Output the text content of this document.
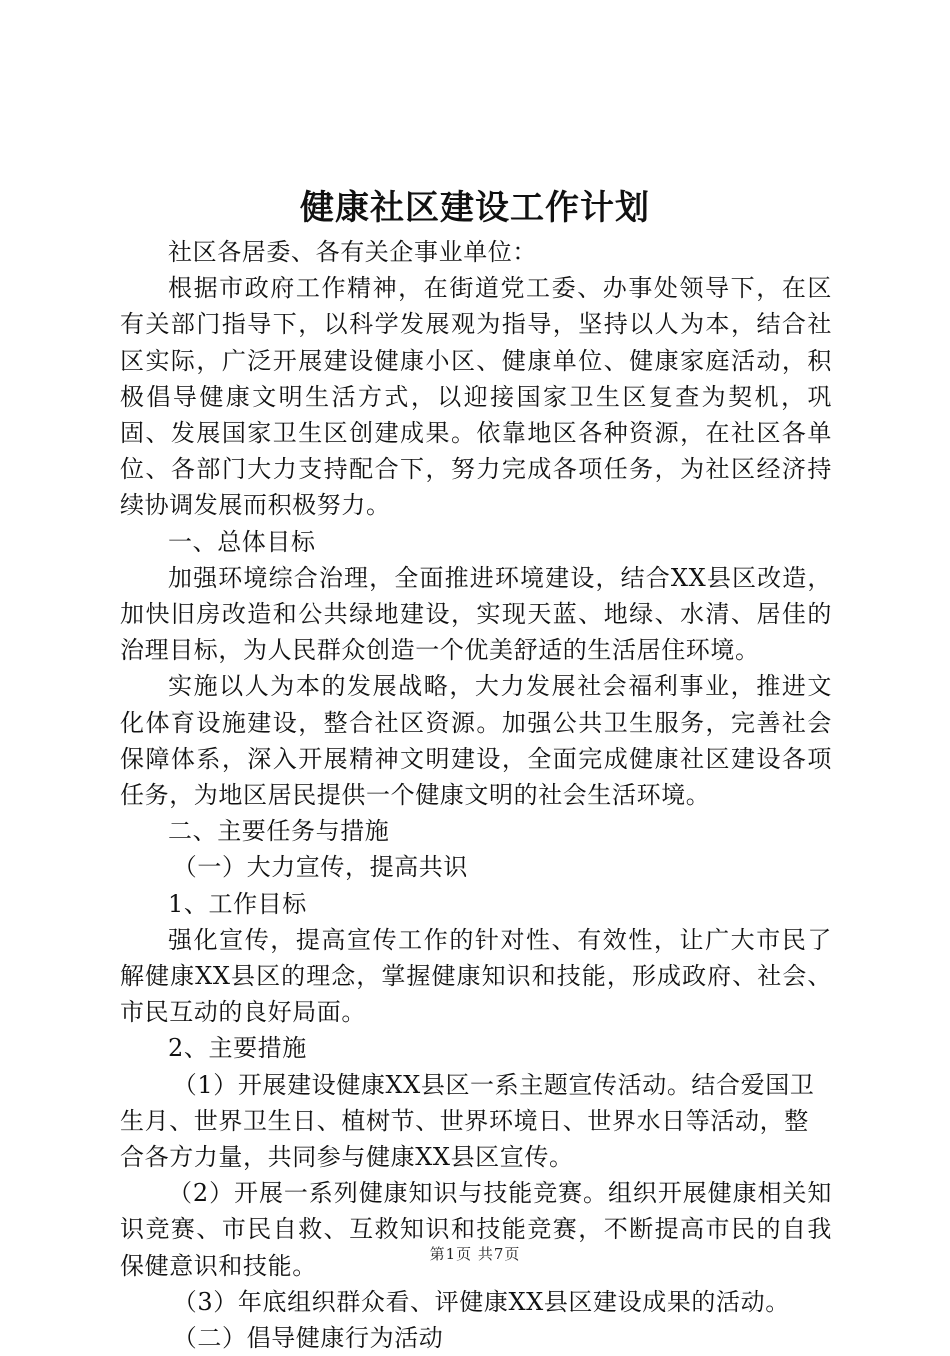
健康社区建设工作计划

社区各居委、各有关企事业单位：

根据市政府工作精神，在街道党工委、办事处领导下，在区有关部门指导下，以科学发展观为指导，坚持以人为本，结合社区实际，广泛开展建设健康小区、健康单位、健康家庭活动，积极倡导健康文明生活方式，以迎接国家卫生区复查为契机，巩固、发展国家卫生区创建成果。依靠地区各种资源，在社区各单位、各部门大力支持配合下，努力完成各项任务，为社区经济持续协调发展而积极努力。

一、总体目标

加强环境综合治理，全面推进环境建设，结合XX县区改造，加快旧房改造和公共绿地建设，实现天蓝、地绿、水清、居佳的治理目标，为人民群众创造一个优美舒适的生活居住环境。

实施以人为本的发展战略，大力发展社会福利事业，推进文化体育设施建设，整合社区资源。加强公共卫生服务，完善社会保障体系，深入开展精神文明建设，全面完成健康社区建设各项任务，为地区居民提供一个健康文明的社会生活环境。

二、主要任务与措施

（一）大力宣传，提高共识

1、工作目标

强化宣传，提高宣传工作的针对性、有效性，让广大市民了解健康XX县区的理念，掌握健康知识和技能，形成政府、社会、市民互动的良好局面。

2、主要措施

（1）开展建设健康XX县区一系主题宣传活动。结合爱国卫生月、世界卫生日、植树节、世界环境日、世界水日等活动，整合各方力量，共同参与健康XX县区宣传。

（2）开展一系列健康知识与技能竞赛。组织开展健康相关知识竞赛、市民自救、互救知识和技能竞赛，不断提高市民的自我保健意识和技能。

（3）年底组织群众看、评健康XX县区建设成果的活动。

（二）倡导健康行为活动

第1页 共7页
